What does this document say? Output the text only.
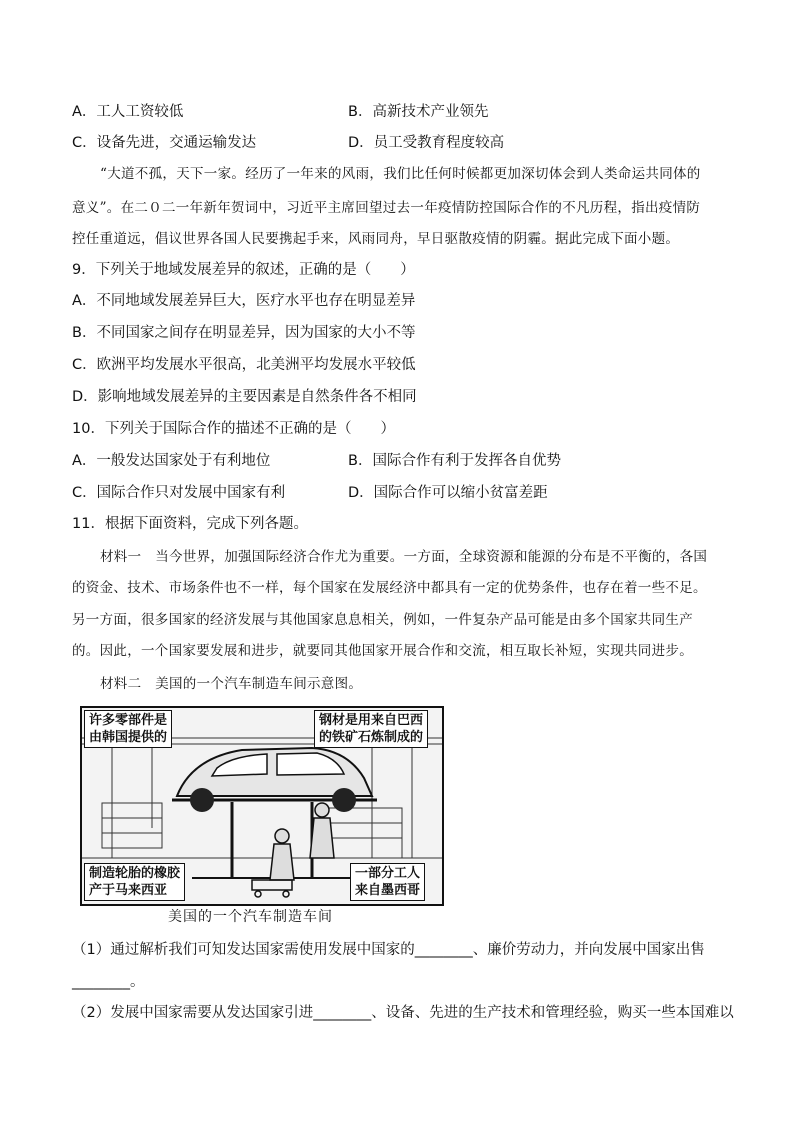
A．工人工资较低	B．高新技术产业领先
C．设备先进，交通运输发达	D．员工受教育程度较高
“大道不孤，天下一家。经历了一年来的风雨，我们比任何时候都更加深切体会到人类命运共同体的
意义”。在二０二一年新年贺词中，习近平主席回望过去一年疫情防控国际合作的不凡历程，指出疫情防
控任重道远，倡议世界各国人民要携起手来，风雨同舟，早日驱散疫情的阴霾。据此完成下面小题。
9．下列关于地域发展差异的叙述，正确的是（　　）
A．不同地域发展差异巨大，医疗水平也存在明显差异
B．不同国家之间存在明显差异，因为国家的大小不等
C．欧洲平均发展水平很高，北美洲平均发展水平较低
D．影响地域发展差异的主要因素是自然条件各不相同
10．下列关于国际合作的描述不正确的是（　　）
A．一般发达国家处于有利地位	B．国际合作有利于发挥各自优势
C．国际合作只对发展中国家有利	D．国际合作可以缩小贫富差距
11．根据下面资料，完成下列各题。
材料一　当今世界，加强国际经济合作尤为重要。一方面，全球资源和能源的分布是不平衡的，各国
的资金、技术、市场条件也不一样，每个国家在发展经济中都具有一定的优势条件，也存在着一些不足。
另一方面，很多国家的经济发展与其他国家息息相关，例如，一件复杂产品可能是由多个国家共同生产
的。因此，一个国家要发展和进步，就要同其他国家开展合作和交流，相互取长补短，实现共同进步。
材料二　美国的一个汽车制造车间示意图。
许多零部件是
由韩国提供的
钢材是用来自巴西
的铁矿石炼制成的
制造轮胎的橡胶
产于马来西亚
一部分工人
来自墨西哥
美国的一个汽车制造车间
（1）通过解析我们可知发达国家需使用发展中国家的________、廉价劳动力，并向发展中国家出售
________。
（2）发展中国家需要从发达国家引进________、设备、先进的生产技术和管理经验，购买一些本国难以
